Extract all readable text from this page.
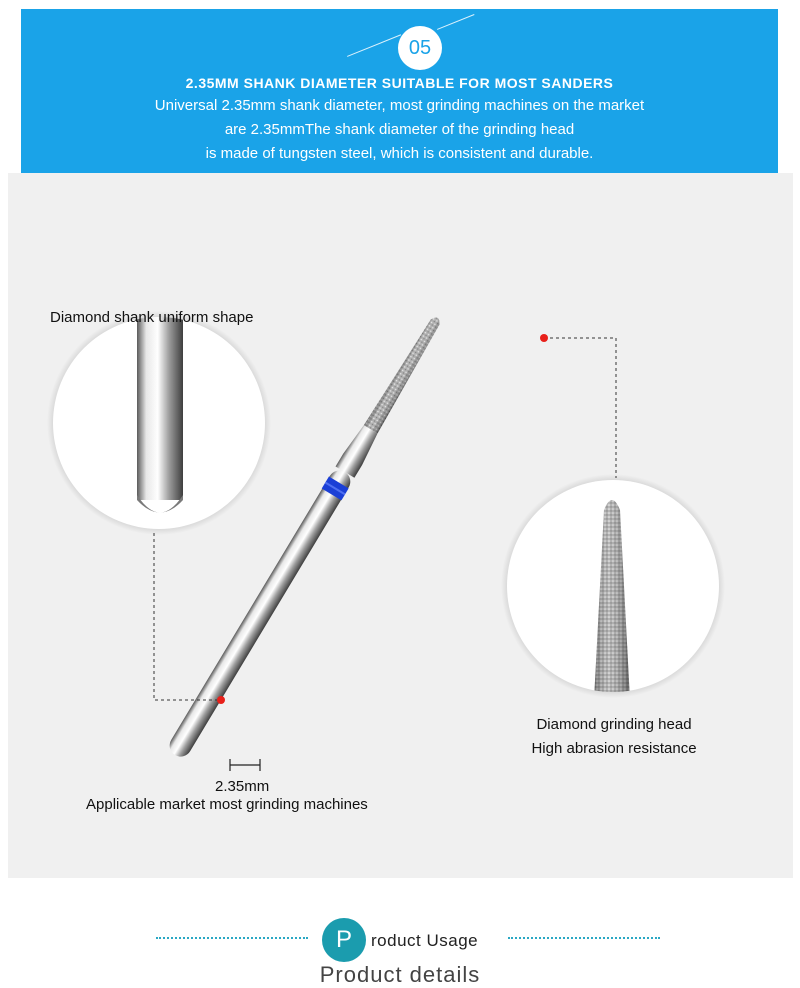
05
2.35MM SHANK DIAMETER SUITABLE FOR MOST SANDERS
Universal 2.35mm shank diameter, most grinding machines on the market
are 2.35mmThe shank diameter of the grinding head
is made of tungsten steel, which is consistent and durable.
Diamond shank uniform shape
Diamond grinding head
High abrasion resistance
2.35mm
Applicable market most grinding machines
P	roduct Usage
Product details
